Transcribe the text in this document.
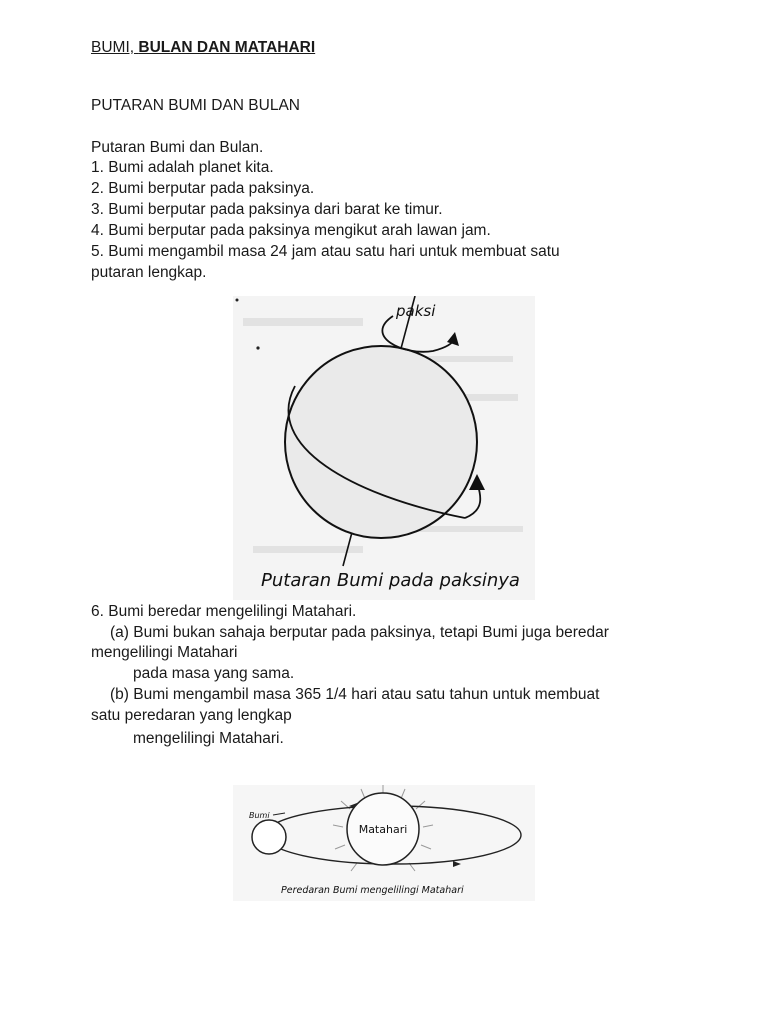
BUMI, BULAN DAN MATAHARI
PUTARAN BUMI DAN BULAN
Putaran Bumi dan Bulan.
1. Bumi adalah planet kita.
2. Bumi berputar pada paksinya.
3. Bumi berputar pada paksinya dari barat ke timur.
4. Bumi berputar pada paksinya mengikut arah lawan jam.
5. Bumi mengambil masa 24 jam atau satu hari untuk membuat satu
putaran lengkap.
paksi
Putaran Bumi pada paksinya
6. Bumi beredar mengelilingi Matahari.
(a) Bumi bukan sahaja berputar pada paksinya, tetapi Bumi juga beredar
mengelilingi Matahari
pada masa yang sama.
(b) Bumi mengambil masa 365 1/4 hari atau satu tahun untuk membuat
satu peredaran yang lengkap
mengelilingi Matahari.
Matahari
Bumi
Peredaran Bumi mengelilingi Matahari
